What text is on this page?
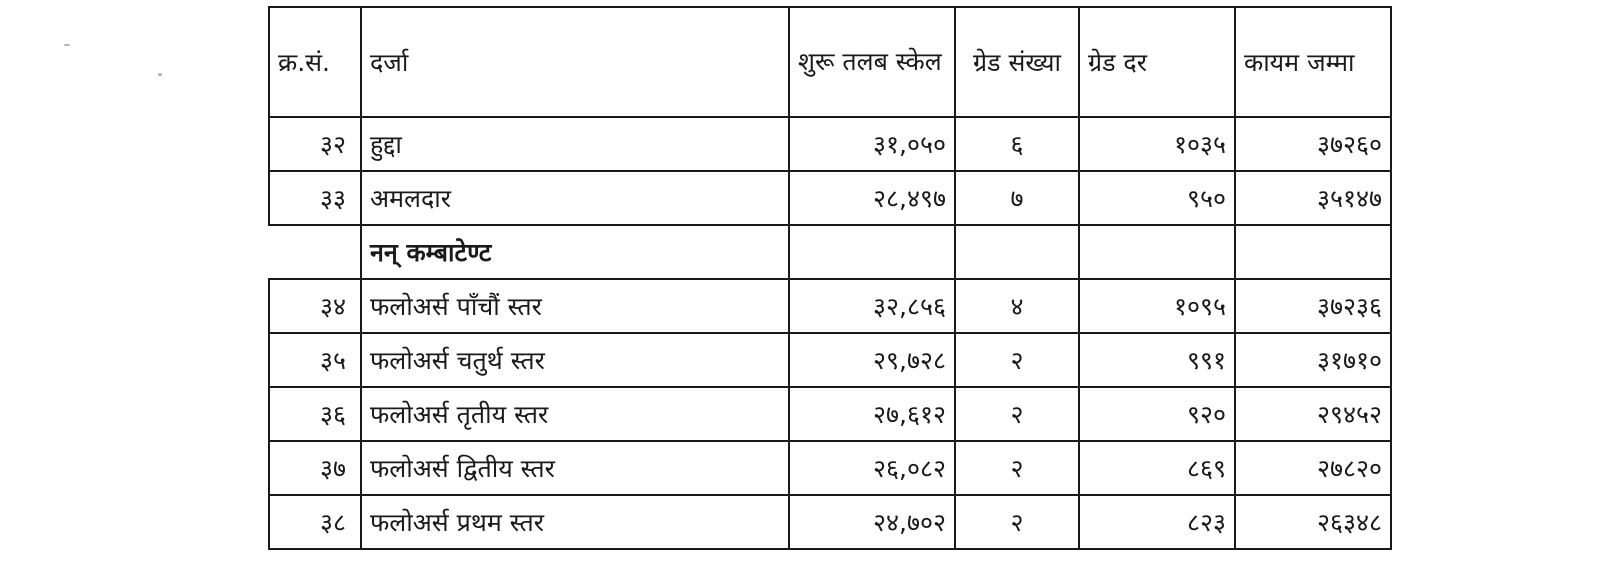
क्र.सं.	दर्जा	शुरू तलब स्केल	ग्रेड संख्या	ग्रेड दर	कायम जम्मा
३२	हुद्दा	३१,०५०	६	१०३५	३७२६०
३३	अमलदार	२८,४९७	७	९५०	३५१४७
	नन् कम्बाटेण्ट				
३४	फलोअर्स पाँचौं स्तर	३२,८५६	४	१०९५	३७२३६
३५	फलोअर्स चतुर्थ स्तर	२९,७२८	२	९९१	३१७१०
३६	फलोअर्स तृतीय स्तर	२७,६१२	२	९२०	२९४५२
३७	फलोअर्स द्वितीय स्तर	२६,०८२	२	८६९	२७८२०
३८	फलोअर्स प्रथम स्तर	२४,७०२	२	८२३	२६३४८
